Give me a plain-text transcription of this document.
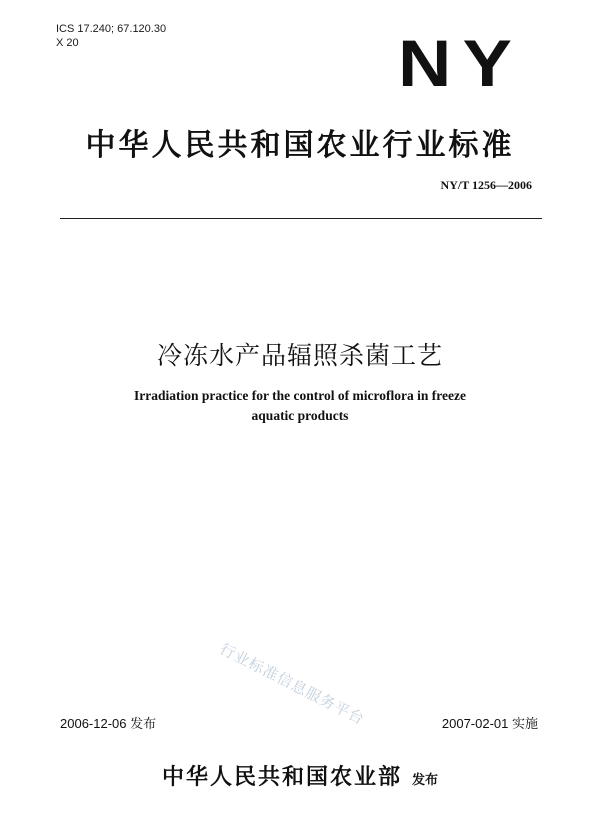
ICS 17.240; 67.120.30
X 20	NY
中华人民共和国农业行业标准
NY/T 1256—2006
冷冻水产品辐照杀菌工艺
Irradiation practice for the control of microflora in freeze
aquatic products
行业标准信息服务平台
2006-12-06 发布	2007-02-01 实施
中华人民共和国农业部 发布
